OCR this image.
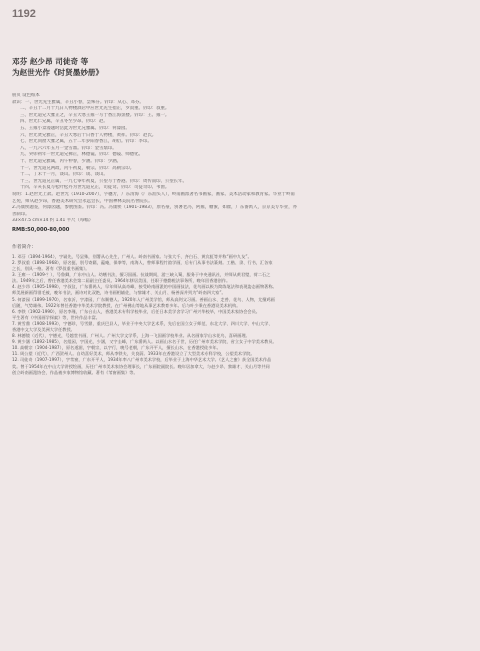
1192
邓芬 赵少昂 司徒奇 等
为赵世光作《时贤墨妙册》
册页 设色纸本
款识：一、世光先生雅属，辛丑小春，昙殊芬。钤印：从心、邓芬。
二、辛丑十二月十九日人物楼酒店中应世光先生指正，罗叔重。钤印：叔重。
三、世光道兄大雅正之，辛丑大寒王雍一写于香江海氛楼。钤印：王、雍一。
四、世光仁兄属，辛丑冬至少昂。钤印：赵。
五、王雍小景漫题时岳此为世光兄雅属。钤印：何漆园。
六、世光贤兄雅正，辛丑大寒后十日香于人物楼，黄祥。钤印：赵氏。
七、世光同窗大雅之属，五十二年岁阳春香江，胡衍。钤印：李印。
八、一九六六年五月一金雪鼎。钤印：金雪鼎印。
九、癸卯初年一世光道兄拂正，林德镜。钤印：德镜、师德化。
十、世光道兄雅属，丙午仲春，少涵。钤印：少涵。
十一、世光道兄两政，丙午初夏，朝宗。钤印：高朝宗印。
十二、丁未十一月，谈山。钤印：谈、谈山。
十三、世光道兄正属，一九七零年初夏，公望写于香港。钤印：周传南印、公望长年。
十四、辛亥长夏写松叶松丹为世光道兄正，司徒奇。钤印：司徒奇印、苇窗。
说明：1.赵世光上款。赵世光（1910-2007），字穗芳，广东清海（广东汕头人），岭南画派著名书画家，画家、美术活动家和教育家。毕业于岭南
艺苑，师从赵少昂，香港美术研究会永远会长，中国神林美院名誉院长。
2.冯康侯题签，何漆园题，参展图鉴。钤印：冯。冯康侯（1901-1983），原名豪，别署老冯，阿雍，糖蜜，如瞿，广东番禺人，京京美专毕业，亦
善制印。
33×47.5 cm×14 约 1.41 平尺（每幅）
RMB:50,000-80,000
作者简介：
1. 邓芬（1894-1964），字诵先，号昙殊，别署从心先生，广州人。岭南书画家。与张大千、齐白石、黄宾虹等并称“画中九友”。
2. 罗叔重（1898-1968），原名挺，别号寄籍，蕴庵，保拳等，南海人，曾师事程竹韵学画，后专门从事书法篆刻。工楷、隶、行书，汇各家
之长，别具一格。著有《罗叔重书画集》。
3. 王雍一（1909-？），号鲁卿，广东中山人。幼嗜书法，擅习国画。抗战期间，游三峡入蜀，服务于中央通讯社，并师从黄君璧，荷二石之
法。1949年之后，曾任香港美术会第二届副主任委员。1964年移居美国，任职于德勤税法事务所，晚年回香港创作。
4. 赵少昂（1905-1998），字叔仪，广东番禺人，早年师从高奇峰，接受岭南画派的中国画技法，花鸟画以极为简练笔法和表现姿态画物著称。
师美展新画得翎毛被，晚年书法，画诗对比双绝，诗书画相辅佐，与黎雄才、关山月、杨善深并列为“岭南四大家”。
5. 何漆园（1899-1970），名家沂，字漆园，广东顺德人。1920年入广州美学馆，师从高剑父习画。善画山水、走兽、花鸟、人物，尤擅鸡画
后随，气势雄伟。1922年曾任香港中华美术学院教授，在广州佛山等地从事艺术教育多年。后与叶少秉在香港设美术机构。
6. 李铁（1902-1990），原名李瑾，广东台山人，香港美术专科学校毕业，后任日本美学舍学习广州兴华校毕，中国美术家协会会员。
平生著有《中国画学探索》等，世传作品丰富。
7. 黄雪鼎（1908-1993），字德珍，号雪鼎，重庆巴县人，毕业于中央大学艺术系，先后在国立女子师范、东北大学、四川大学、中山大学、
香港中文大学及美洲大学任教授。
8. 林德镜（近代），字德光，号越堂书画，广州人。广州大学文学系，上海一飞国画学校毕业。从名画家学山水花鸟，喜研画理。
9. 黄少涵（1892-1985），名组园，字国光，少涵，又字圭峰，广东番禺人。以画山水名于世，历任广州市美术学院、省立女子中学美术教员。
10. 高朝宗（1904-1987），原名道湄，字朝宗，以字行，晚号老朝，广东开平人，擅长山水，在香港授徒多年。
11. 周公望（近代），广西贺州人。自幼喜好美术，师从李铁夫，关良蔚。1933年在香港设立了大型美术专科学校，公望美术学院。
12. 司徒奇（1907-1997），字苇窗，广东开平人，1934年率八广州市美术学校，后毕业于上海中华艺术大学。《艺人之蜜》获全国美术作品
奖。曾于1954年在中山大学讲授绘画，历任广州市美术家协会理事长，广东画院副院长。晚年居加拿大，与赵少昂、黎雄才、关山月等共同
创立岭南画派协会，作品被多家博物馆收藏。著有《苇窗画集》等。
